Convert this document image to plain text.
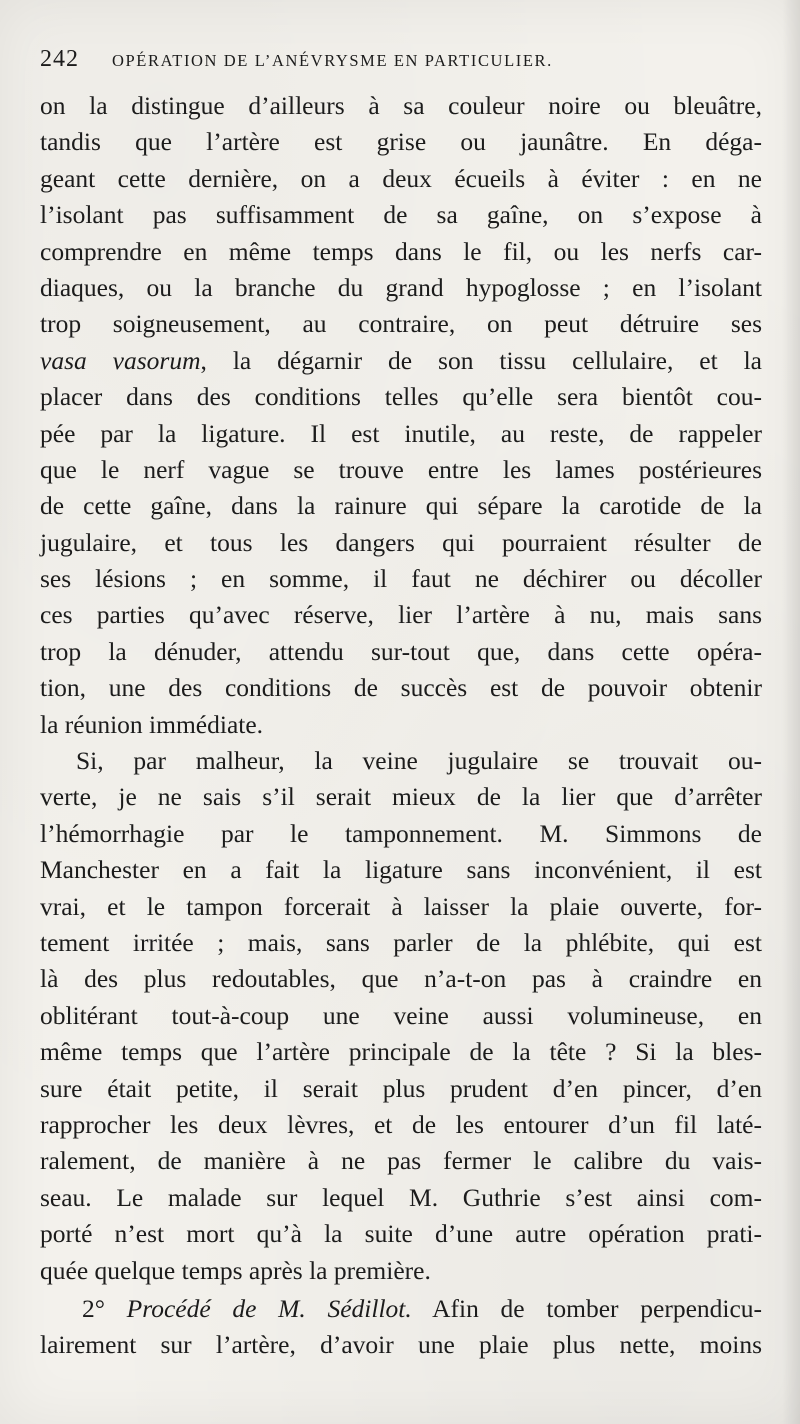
242	OPÉRATION DE L’ANÉVRYSME EN PARTICULIER.
on la distingue d’ailleurs à sa couleur noire ou bleuâtre,
tandis que l’artère est grise ou jaunâtre. En déga-
geant cette dernière, on a deux écueils à éviter : en ne
l’isolant pas suffisamment de sa gaîne, on s’expose à
comprendre en même temps dans le fil, ou les nerfs car-
diaques, ou la branche du grand hypoglosse ; en l’isolant
trop soigneusement, au contraire, on peut détruire ses
vasa vasorum, la dégarnir de son tissu cellulaire, et la
placer dans des conditions telles qu’elle sera bientôt cou-
pée par la ligature. Il est inutile, au reste, de rappeler
que le nerf vague se trouve entre les lames postérieures
de cette gaîne, dans la rainure qui sépare la carotide de la
jugulaire, et tous les dangers qui pourraient résulter de
ses lésions ; en somme, il faut ne déchirer ou décoller
ces parties qu’avec réserve, lier l’artère à nu, mais sans
trop la dénuder, attendu sur-tout que, dans cette opéra-
tion, une des conditions de succès est de pouvoir obtenir
la réunion immédiate.
Si, par malheur, la veine jugulaire se trouvait ou-
verte, je ne sais s’il serait mieux de la lier que d’arrêter
l’hémorrhagie par le tamponnement. M. Simmons de
Manchester en a fait la ligature sans inconvénient, il est
vrai, et le tampon forcerait à laisser la plaie ouverte, for-
tement irritée ; mais, sans parler de la phlébite, qui est
là des plus redoutables, que n’a-t-on pas à craindre en
oblitérant tout-à-coup une veine aussi volumineuse, en
même temps que l’artère principale de la tête ? Si la bles-
sure était petite, il serait plus prudent d’en pincer, d’en
rapprocher les deux lèvres, et de les entourer d’un fil laté-
ralement, de manière à ne pas fermer le calibre du vais-
seau. Le malade sur lequel M. Guthrie s’est ainsi com-
porté n’est mort qu’à la suite d’une autre opération prati-
quée quelque temps après la première.
2° Procédé de M. Sédillot. Afin de tomber perpendicu-
lairement sur l’artère, d’avoir une plaie plus nette, moins
